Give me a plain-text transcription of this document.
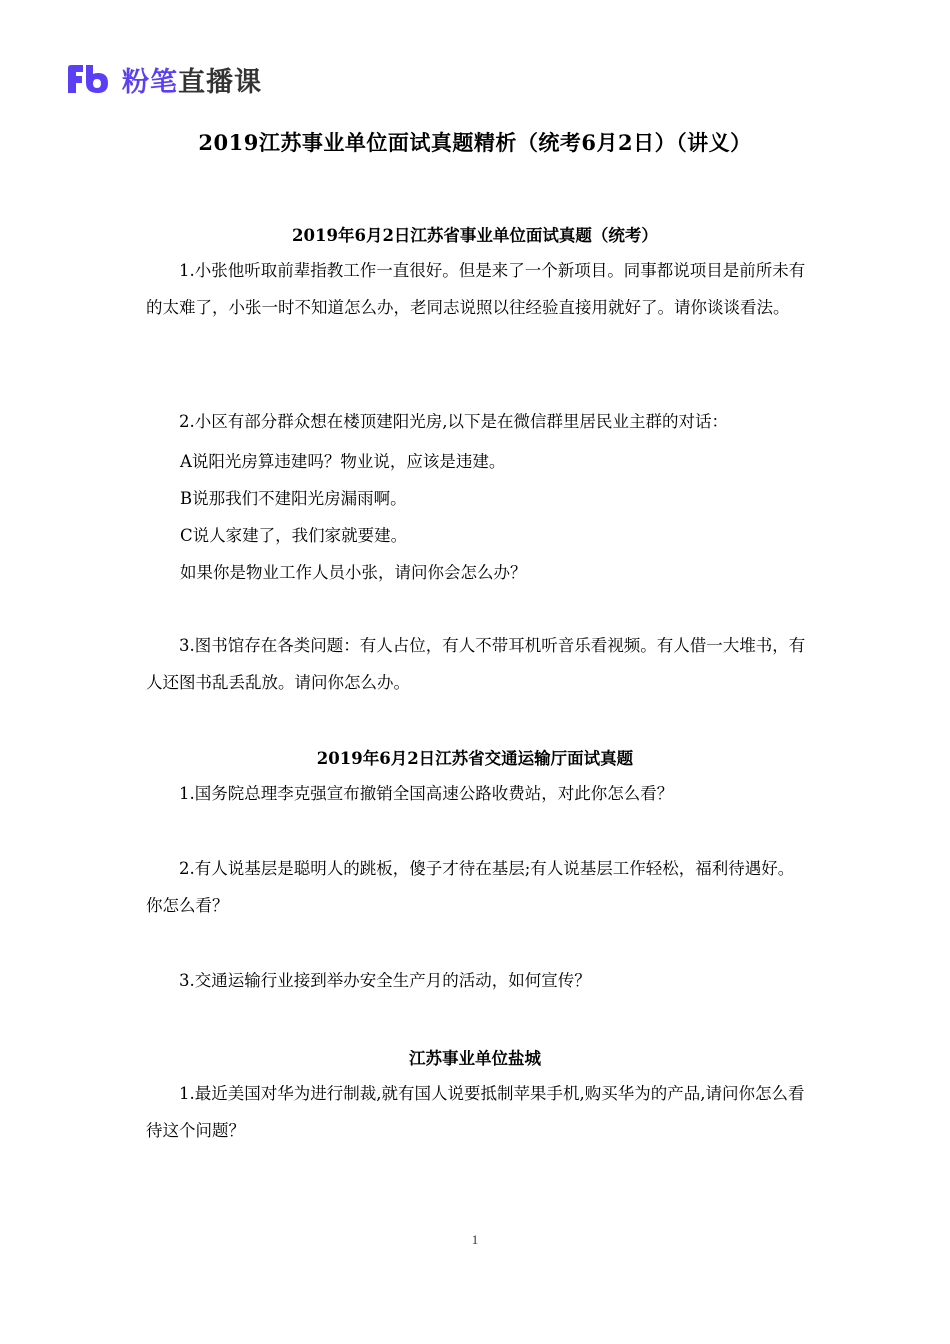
粉笔 直播课
2019江苏事业单位面试真题精析（统考6月2日）（讲义）
2019年6月2日江苏省事业单位面试真题（统考）

1.小张他听取前辈指教工作一直很好。但是来了一个新项目。同事都说项目是前所未有的太难了，小张一时不知道怎么办，老同志说照以往经验直接用就好了。请你谈谈看法。

2.小区有部分群众想在楼顶建阳光房,以下是在微信群里居民业主群的对话：

A说阳光房算违建吗？物业说，应该是违建。
B说那我们不建阳光房漏雨啊。
C说人家建了，我们家就要建。
如果你是物业工作人员小张，请问你会怎么办？

3.图书馆存在各类问题：有人占位，有人不带耳机听音乐看视频。有人借一大堆书，有人还图书乱丢乱放。请问你怎么办。

2019年6月2日江苏省交通运输厅面试真题

1.国务院总理李克强宣布撤销全国高速公路收费站，对此你怎么看？

2.有人说基层是聪明人的跳板，傻子才待在基层;有人说基层工作轻松，福利待遇好。你怎么看？

3.交通运输行业接到举办安全生产月的活动，如何宣传？

江苏事业单位盐城

1.最近美国对华为进行制裁,就有国人说要抵制苹果手机,购买华为的产品,请问你怎么看待这个问题？

1
